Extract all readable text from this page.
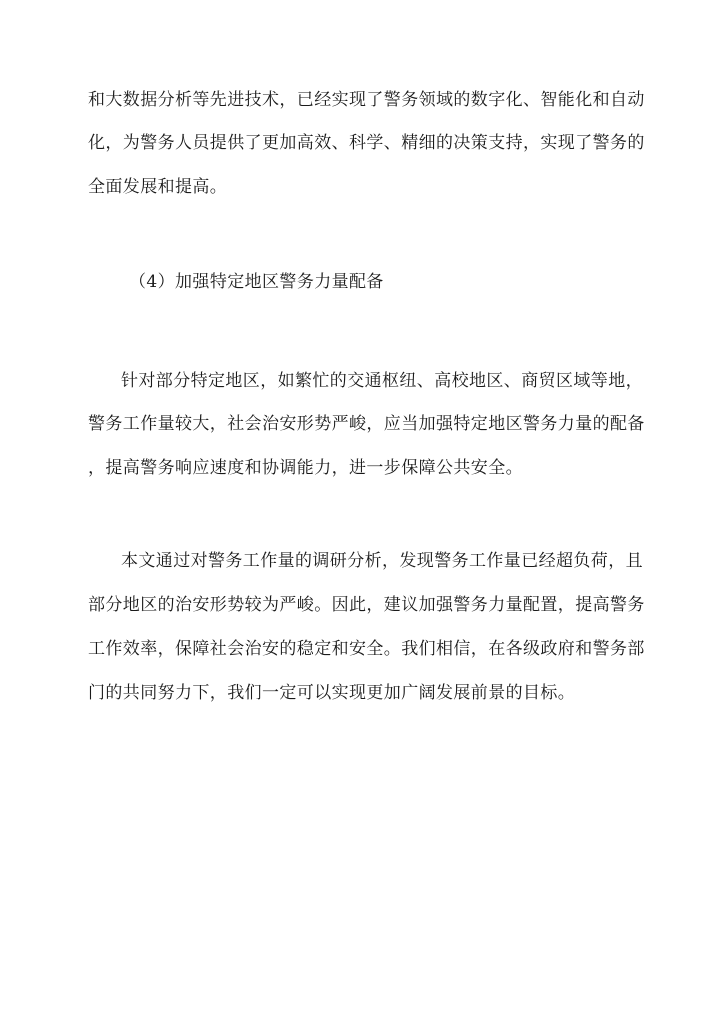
和大数据分析等先进技术，已经实现了警务领域的数字化、智能化和自动
化，为警务人员提供了更加高效、科学、精细的决策支持，实现了警务的
全面发展和提高。
（4）加强特定地区警务力量配备
针对部分特定地区，如繁忙的交通枢纽、高校地区、商贸区域等地，
警务工作量较大，社会治安形势严峻，应当加强特定地区警务力量的配备
，提高警务响应速度和协调能力，进一步保障公共安全。
本文通过对警务工作量的调研分析，发现警务工作量已经超负荷，且
部分地区的治安形势较为严峻。因此，建议加强警务力量配置，提高警务
工作效率，保障社会治安的稳定和安全。我们相信，在各级政府和警务部
门的共同努力下，我们一定可以实现更加广阔发展前景的目标。
